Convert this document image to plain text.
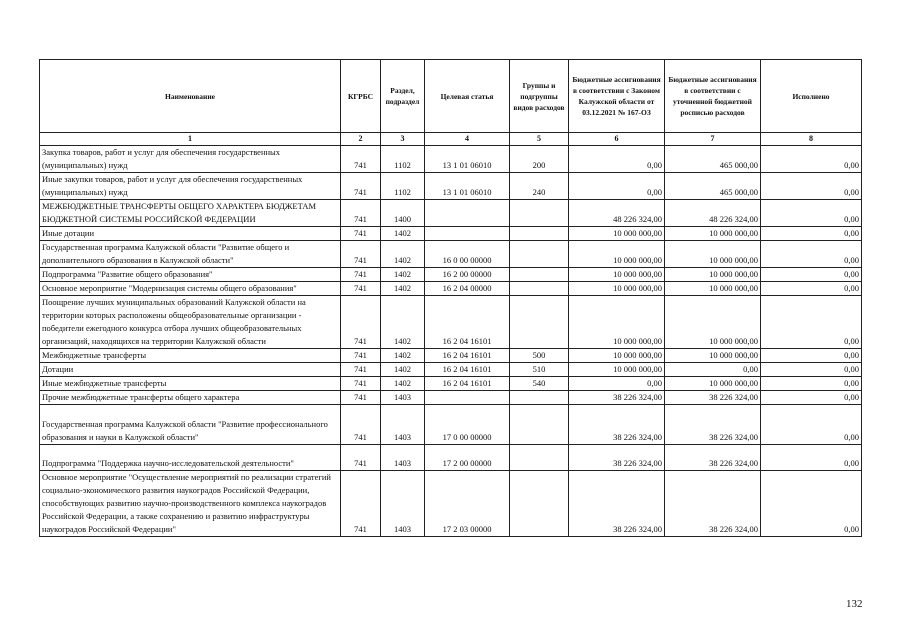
Наименование	КГРБС	Раздел, подраздел	Целевая статья	Группы и подгруппы видов расходов	Бюджетные ассигнования в соответствии с Законом Калужской области от 03.12.2021 № 167-ОЗ	Бюджетные ассигнования в соответствии с уточненной бюджетной росписью расходов	Исполнено
1	2	3	4	5	6	7	8
Закупка товаров, работ и услуг для обеспечения государственных (муниципальных) нужд	741	1102	13 1 01 06010	200	0,00	465 000,00	0,00
Иные закупки товаров, работ и услуг для обеспечения государственных (муниципальных) нужд	741	1102	13 1 01 06010	240	0,00	465 000,00	0,00
МЕЖБЮДЖЕТНЫЕ ТРАНСФЕРТЫ ОБЩЕГО ХАРАКТЕРА БЮДЖЕТАМ БЮДЖЕТНОЙ СИСТЕМЫ РОССИЙСКОЙ ФЕДЕРАЦИИ	741	1400			48 226 324,00	48 226 324,00	0,00
Иные дотации	741	1402			10 000 000,00	10 000 000,00	0,00
Государственная программа Калужской области "Развитие общего и дополнительного образования в Калужской области"	741	1402	16 0 00 00000		10 000 000,00	10 000 000,00	0,00
Подпрограмма "Развитие общего образования"	741	1402	16 2 00 00000		10 000 000,00	10 000 000,00	0,00
Основное мероприятие "Модернизация системы общего образования"	741	1402	16 2 04 00000		10 000 000,00	10 000 000,00	0,00
Поощрение лучших муниципальных образований Калужской области на территории которых расположены общеобразовательные организации - победители ежегодного конкурса отбора лучших общеобразовательных организаций, находящихся на территории Калужской области	741	1402	16 2 04 16101		10 000 000,00	10 000 000,00	0,00
Межбюджетные трансферты	741	1402	16 2 04 16101	500	10 000 000,00	10 000 000,00	0,00
Дотации	741	1402	16 2 04 16101	510	10 000 000,00	0,00	0,00
Иные межбюджетные трансферты	741	1402	16 2 04 16101	540	0,00	10 000 000,00	0,00
Прочие межбюджетные трансферты общего характера	741	1403			38 226 324,00	38 226 324,00	0,00
Государственная программа Калужской области "Развитие профессионального образования и науки в Калужской области"	741	1403	17 0 00 00000		38 226 324,00	38 226 324,00	0,00
Подпрограмма "Поддержка научно-исследовательской деятельности"	741	1403	17 2 00 00000		38 226 324,00	38 226 324,00	0,00
Основное мероприятие "Осуществление мероприятий по реализации стратегий социально-экономического развития наукоградов Российской Федерации, способствующих развитию научно-производственного комплекса наукоградов Российской Федерации, а также сохранению и развитию инфраструктуры наукоградов Российской Федерации"	741	1403	17 2 03 00000		38 226 324,00	38 226 324,00	0,00
132
